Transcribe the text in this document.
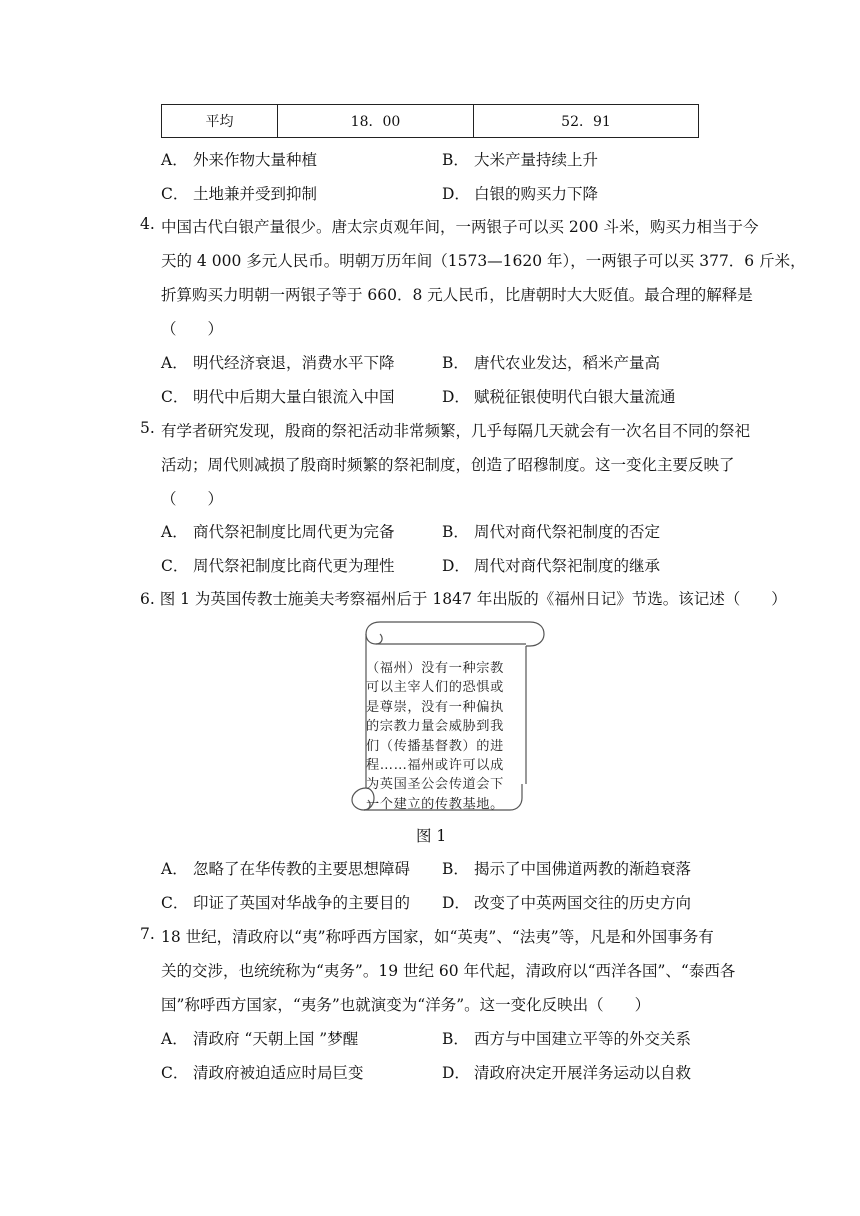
平均	18．00	52．91
A． 外来作物大量种植	B． 大米产量持续上升
C． 土地兼并受到抑制	D． 白银的购买力下降
4. 中国古代白银产量很少。唐太宗贞观年间，一两银子可以买 200 斗米，购买力相当于今
天的 4 000 多元人民币。明朝万历年间（1573—1620 年），一两银子可以买 377．6 斤米，
折算购买力明朝一两银子等于 660．8 元人民币，比唐朝时大大贬值。最合理的解释是
（　　）
A． 明代经济衰退，消费水平下降	B． 唐代农业发达，稻米产量高
C． 明代中后期大量白银流入中国	D． 赋税征银使明代白银大量流通
5. 有学者研究发现，殷商的祭祀活动非常频繁，几乎每隔几天就会有一次名目不同的祭祀
活动；周代则减损了殷商时频繁的祭祀制度，创造了昭穆制度。这一变化主要反映了
（　　）
A． 商代祭祀制度比周代更为完备	B． 周代对商代祭祀制度的否定
C． 周代祭祀制度比商代更为理性	D． 周代对商代祭祀制度的继承
6. 图 1 为英国传教士施美夫考察福州后于 1847 年出版的《福州日记》节选。该记述（　　）
（福州）没有一种宗教
可以主宰人们的恐惧或
是尊崇，没有一种偏执
的宗教力量会威胁到我
们（传播基督教）的进
程……福州或许可以成
为英国圣公会传道会下
一个建立的传教基地。
图 1
A． 忽略了在华传教的主要思想障碍 B． 揭示了中国佛道两教的渐趋衰落
C． 印证了英国对华战争的主要目的 D． 改变了中英两国交往的历史方向
7. 18 世纪，清政府以“夷”称呼西方国家，如“英夷”、“法夷”等，凡是和外国事务有
关的交涉，也统统称为“夷务”。19 世纪 60 年代起，清政府以“西洋各国”、“泰西各
国”称呼西方国家，“夷务”也就演变为“洋务”。这一变化反映出（　　）
A． 清政府 “天朝上国 ”梦醒	B． 西方与中国建立平等的外交关系
C． 清政府被迫适应时局巨变	D． 清政府决定开展洋务运动以自救
